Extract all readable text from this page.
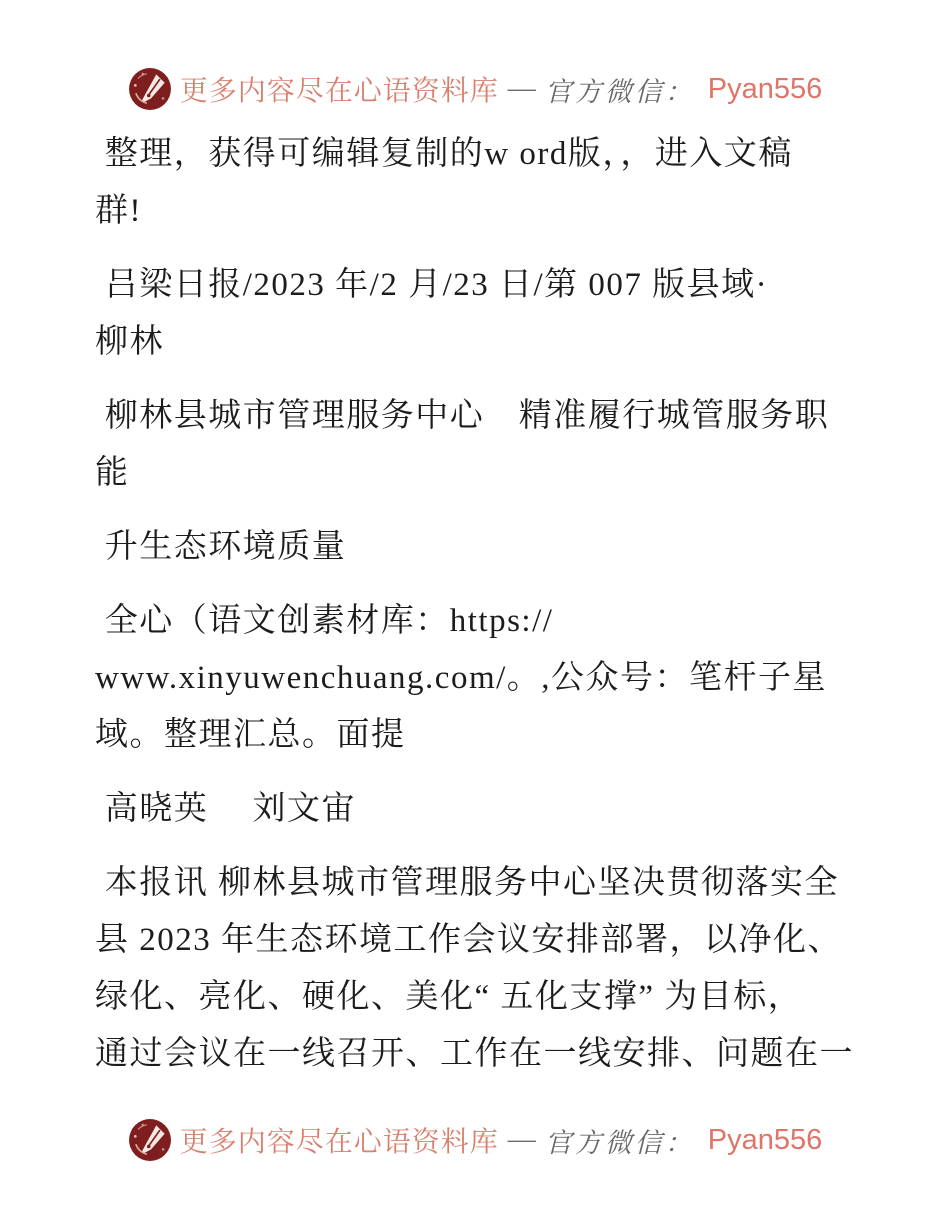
更多内容尽在心语资料库 — 官方微信： Pyan556
整理，获得可编辑复制的w ord版，，进入文稿
群!
吕梁日报/2023 年/2 月/23 日/第 007 版县域·
柳林
柳林县城市管理服务中心　精准履行城管服务职
能
升生态环境质量
全心（语文创素材库：https://
www.xinyuwenchuang.com/。,公众号：笔杆子星
域。整理汇总。面提
高晓英　 刘文宙
本报讯 柳林县城市管理服务中心坚决贯彻落实全
县 2023 年生态环境工作会议安排部署，以净化、
绿化、亮化、硬化、美化“ 五化支撑” 为目标，
通过会议在一线召开、工作在一线安排、问题在一
更多内容尽在心语资料库 — 官方微信： Pyan556
